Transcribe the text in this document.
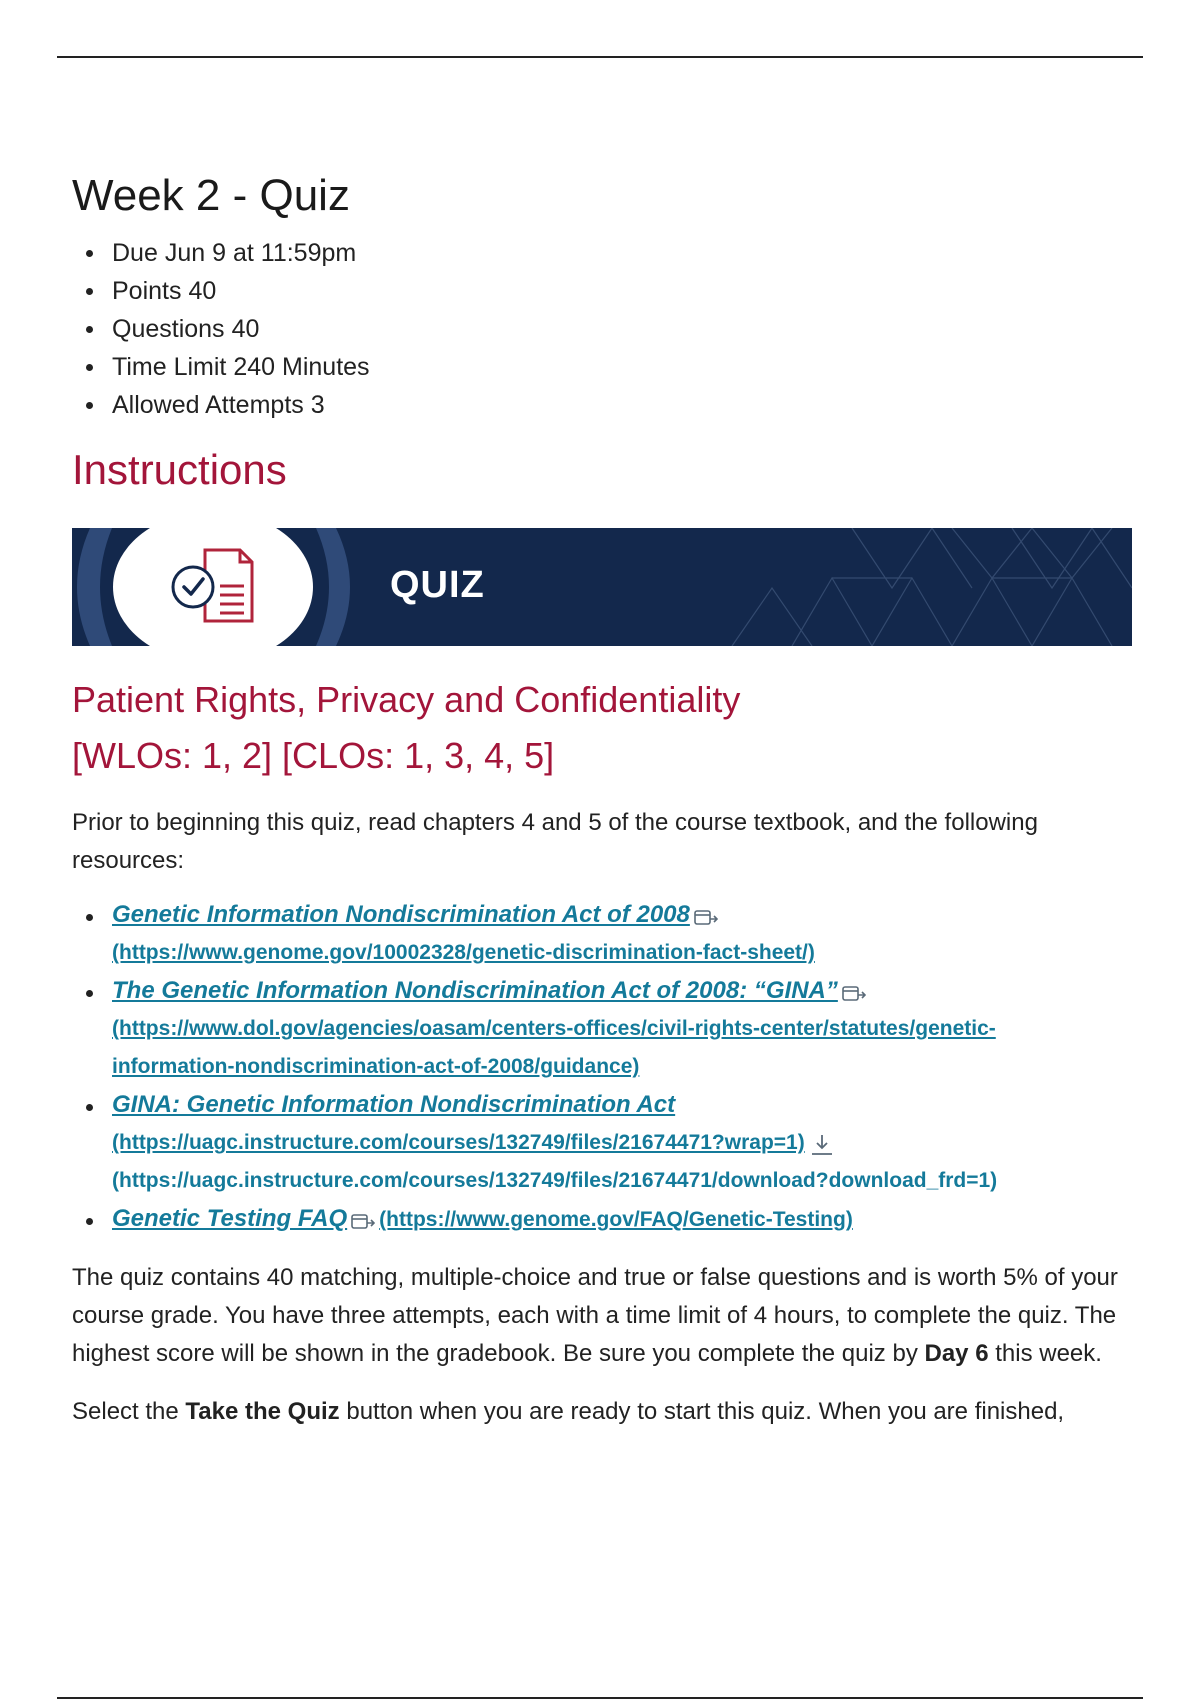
Week 2 - Quiz
Due Jun 9 at 11:59pm
Points 40
Questions 40
Time Limit 240 Minutes
Allowed Attempts 3
Instructions
QUIZ
Patient Rights, Privacy and Confidentiality
[WLOs: 1, 2] [CLOs: 1, 3, 4, 5]

Prior to beginning this quiz, read chapters 4 and 5 of the course textbook, and the following resources:

Genetic Information Nondiscrimination Act of 2008
(https://www.genome.gov/10002328/genetic-discrimination-fact-sheet/)
The Genetic Information Nondiscrimination Act of 2008: “GINA”
(https://www.dol.gov/agencies/oasam/centers-offices/civil-rights-center/statutes/genetic-
information-nondiscrimination-act-of-2008/guidance)
GINA: Genetic Information Nondiscrimination Act
(https://uagc.instructure.com/courses/132749/files/21674471?wrap=1)
(https://uagc.instructure.com/courses/132749/files/21674471/download?download_frd=1)
Genetic Testing FAQ (https://www.genome.gov/FAQ/Genetic-Testing)

The quiz contains 40 matching, multiple-choice and true or false questions and is worth 5% of your course grade. You have three attempts, each with a time limit of 4 hours, to complete the quiz. The highest score will be shown in the gradebook. Be sure you complete the quiz by Day 6 this week.

Select the Take the Quiz button when you are ready to start this quiz. When you are finished,
